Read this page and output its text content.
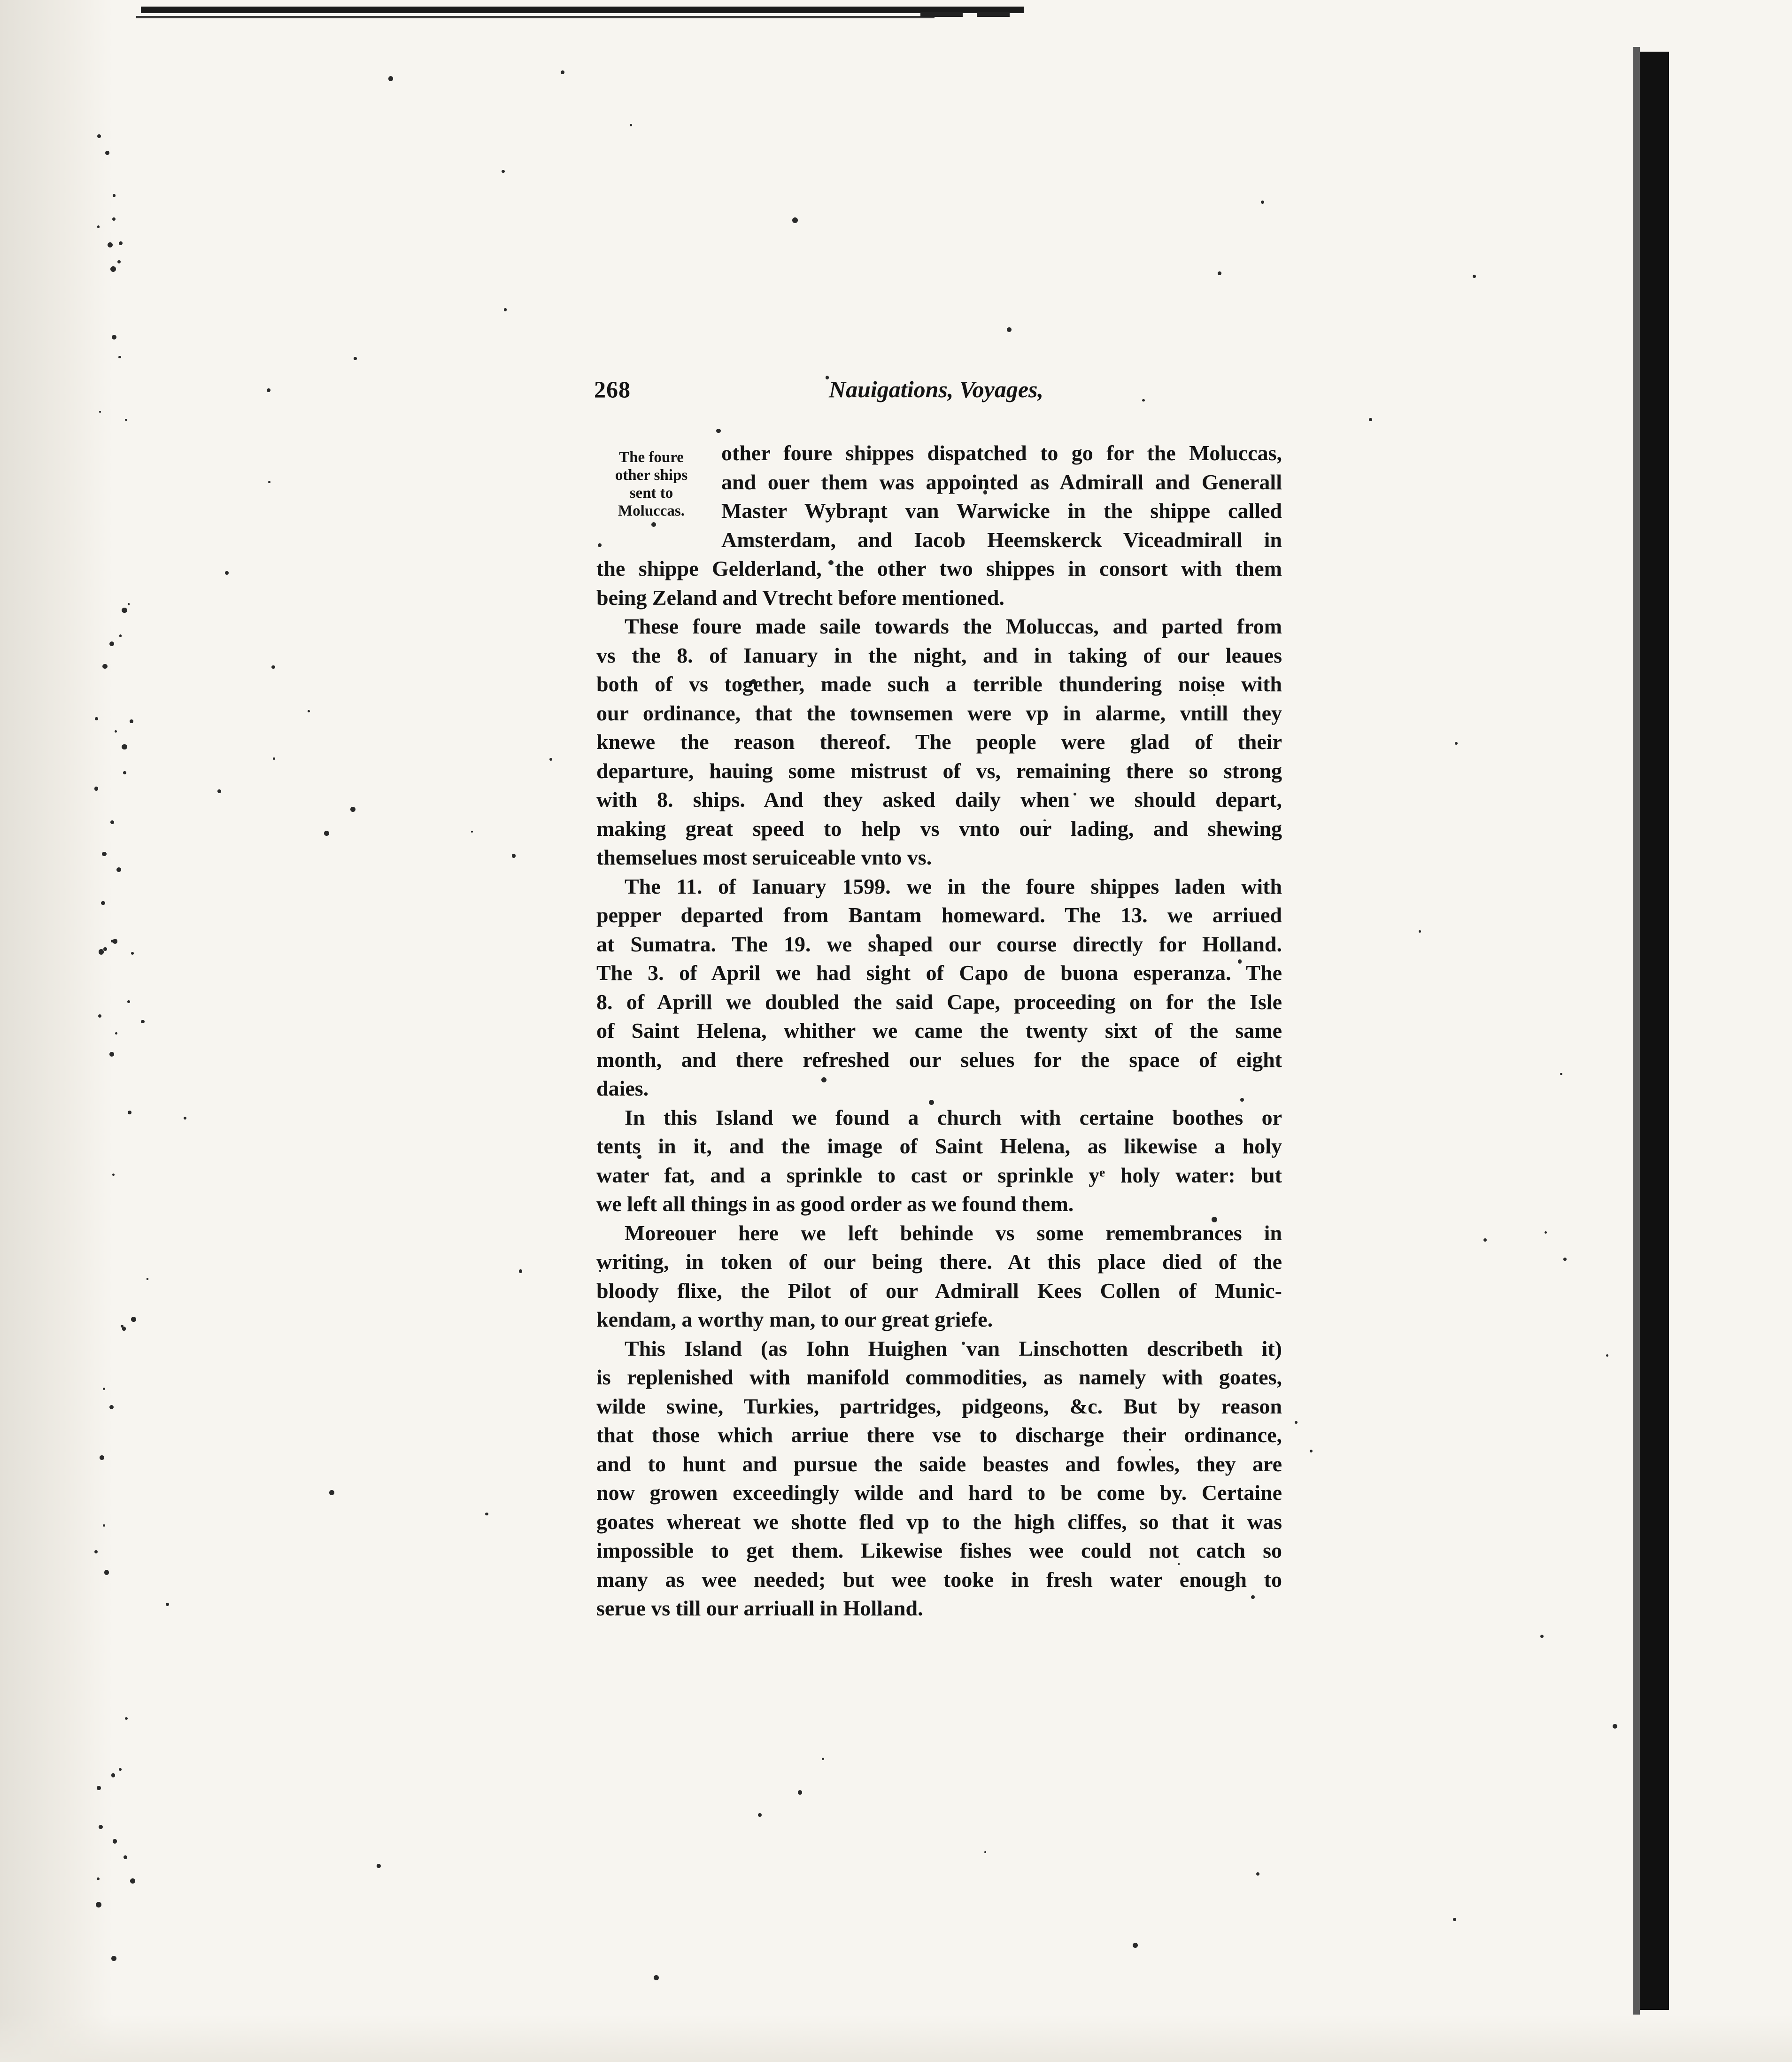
268	Nauigations, Voyages,
The foure
other ships
sent to
Moluccas.
other foure shippes dispatched to go for the Moluccas,
and ouer them was appointed as Admirall and Generall
Master Wybrant van Warwicke in the shippe called
Amsterdam, and Iacob Heemskerck Viceadmirall in
the shippe Gelderland, the other two shippes in consort with them
being Zeland and Vtrecht before mentioned.
These foure made saile towards the Moluccas, and parted from
vs the 8. of Ianuary in the night, and in taking of our leaues
both of vs together, made such a terrible thundering noise with
our ordinance, that the townsemen were vp in alarme, vntill they
knewe the reason thereof. The people were glad of their
departure, hauing some mistrust of vs, remaining there so strong
with 8. ships. And they asked daily when we should depart,
making great speed to help vs vnto our lading, and shewing
themselues most seruiceable vnto vs.
The 11. of Ianuary 1599. we in the foure shippes laden with
pepper departed from Bantam homeward. The 13. we arriued
at Sumatra. The 19. we shaped our course directly for Holland.
The 3. of April we had sight of Capo de buona esperanza. The
8. of Aprill we doubled the said Cape, proceeding on for the Isle
of Saint Helena, whither we came the twenty sixt of the same
month, and there refreshed our selues for the space of eight
daies.
In this Island we found a church with certaine boothes or
tents in it, and the image of Saint Helena, as likewise a holy
water fat, and a sprinkle to cast or sprinkle yᵉ holy water: but
we left all things in as good order as we found them.
Moreouer here we left behinde vs some remembrances in
writing, in token of our being there. At this place died of the
bloody flixe, the Pilot of our Admirall Kees Collen of Munic-
kendam, a worthy man, to our great griefe.
This Island (as Iohn Huighen van Linschotten describeth it)
is replenished with manifold commodities, as namely with goates,
wilde swine, Turkies, partridges, pidgeons, &c. But by reason
that those which arriue there vse to discharge their ordinance,
and to hunt and pursue the saide beastes and fowles, they are
now growen exceedingly wilde and hard to be come by. Certaine
goates whereat we shotte fled vp to the high cliffes, so that it was
impossible to get them. Likewise fishes wee could not catch so
many as wee needed; but wee tooke in fresh water enough to
serue vs till our arriuall in Holland.
